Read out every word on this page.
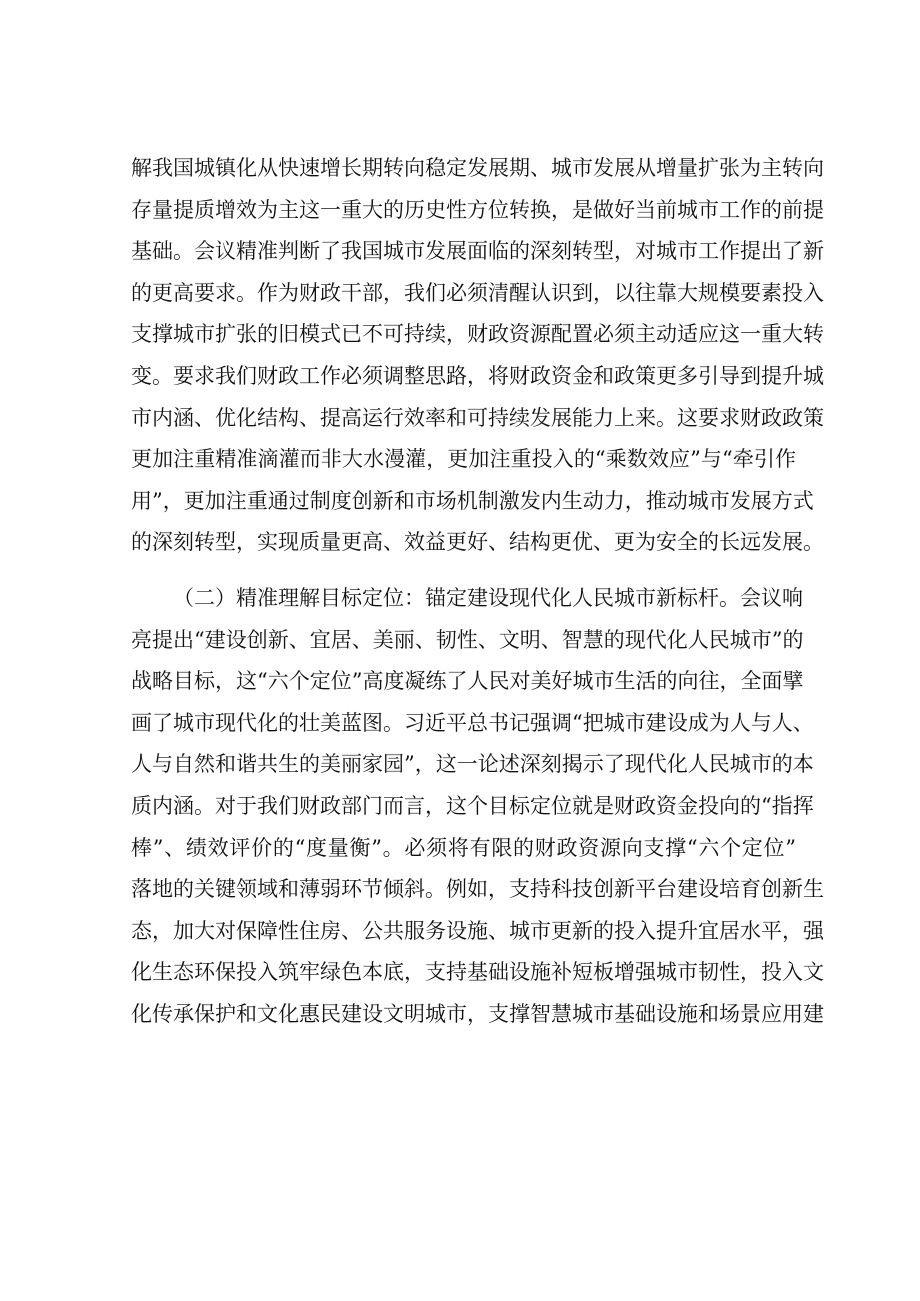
解我国城镇化从快速增长期转向稳定发展期、城市发展从增量扩张为主转向
存量提质增效为主这一重大的历史性方位转换，是做好当前城市工作的前提
基础。会议精准判断了我国城市发展面临的深刻转型，对城市工作提出了新
的更高要求。作为财政干部，我们必须清醒认识到，以往靠大规模要素投入
支撑城市扩张的旧模式已不可持续，财政资源配置必须主动适应这一重大转
变。要求我们财政工作必须调整思路，将财政资金和政策更多引导到提升城
市内涵、优化结构、提高运行效率和可持续发展能力上来。这要求财政政策
更加注重精准滴灌而非大水漫灌，更加注重投入的“乘数效应”与“牵引作
用”，更加注重通过制度创新和市场机制激发内生动力，推动城市发展方式
的深刻转型，实现质量更高、效益更好、结构更优、更为安全的长远发展。
（二）精准理解目标定位：锚定建设现代化人民城市新标杆。会议响
亮提出“建设创新、宜居、美丽、韧性、文明、智慧的现代化人民城市”的
战略目标，这“六个定位”高度凝练了人民对美好城市生活的向往，全面擘
画了城市现代化的壮美蓝图。习近平总书记强调“把城市建设成为人与人、
人与自然和谐共生的美丽家园”，这一论述深刻揭示了现代化人民城市的本
质内涵。对于我们财政部门而言，这个目标定位就是财政资金投向的“指挥
棒”、绩效评价的“度量衡”。必须将有限的财政资源向支撑“六个定位”
落地的关键领域和薄弱环节倾斜。例如，支持科技创新平台建设培育创新生
态，加大对保障性住房、公共服务设施、城市更新的投入提升宜居水平，强
化生态环保投入筑牢绿色本底，支持基础设施补短板增强城市韧性，投入文
化传承保护和文化惠民建设文明城市，支撑智慧城市基础设施和场景应用建
